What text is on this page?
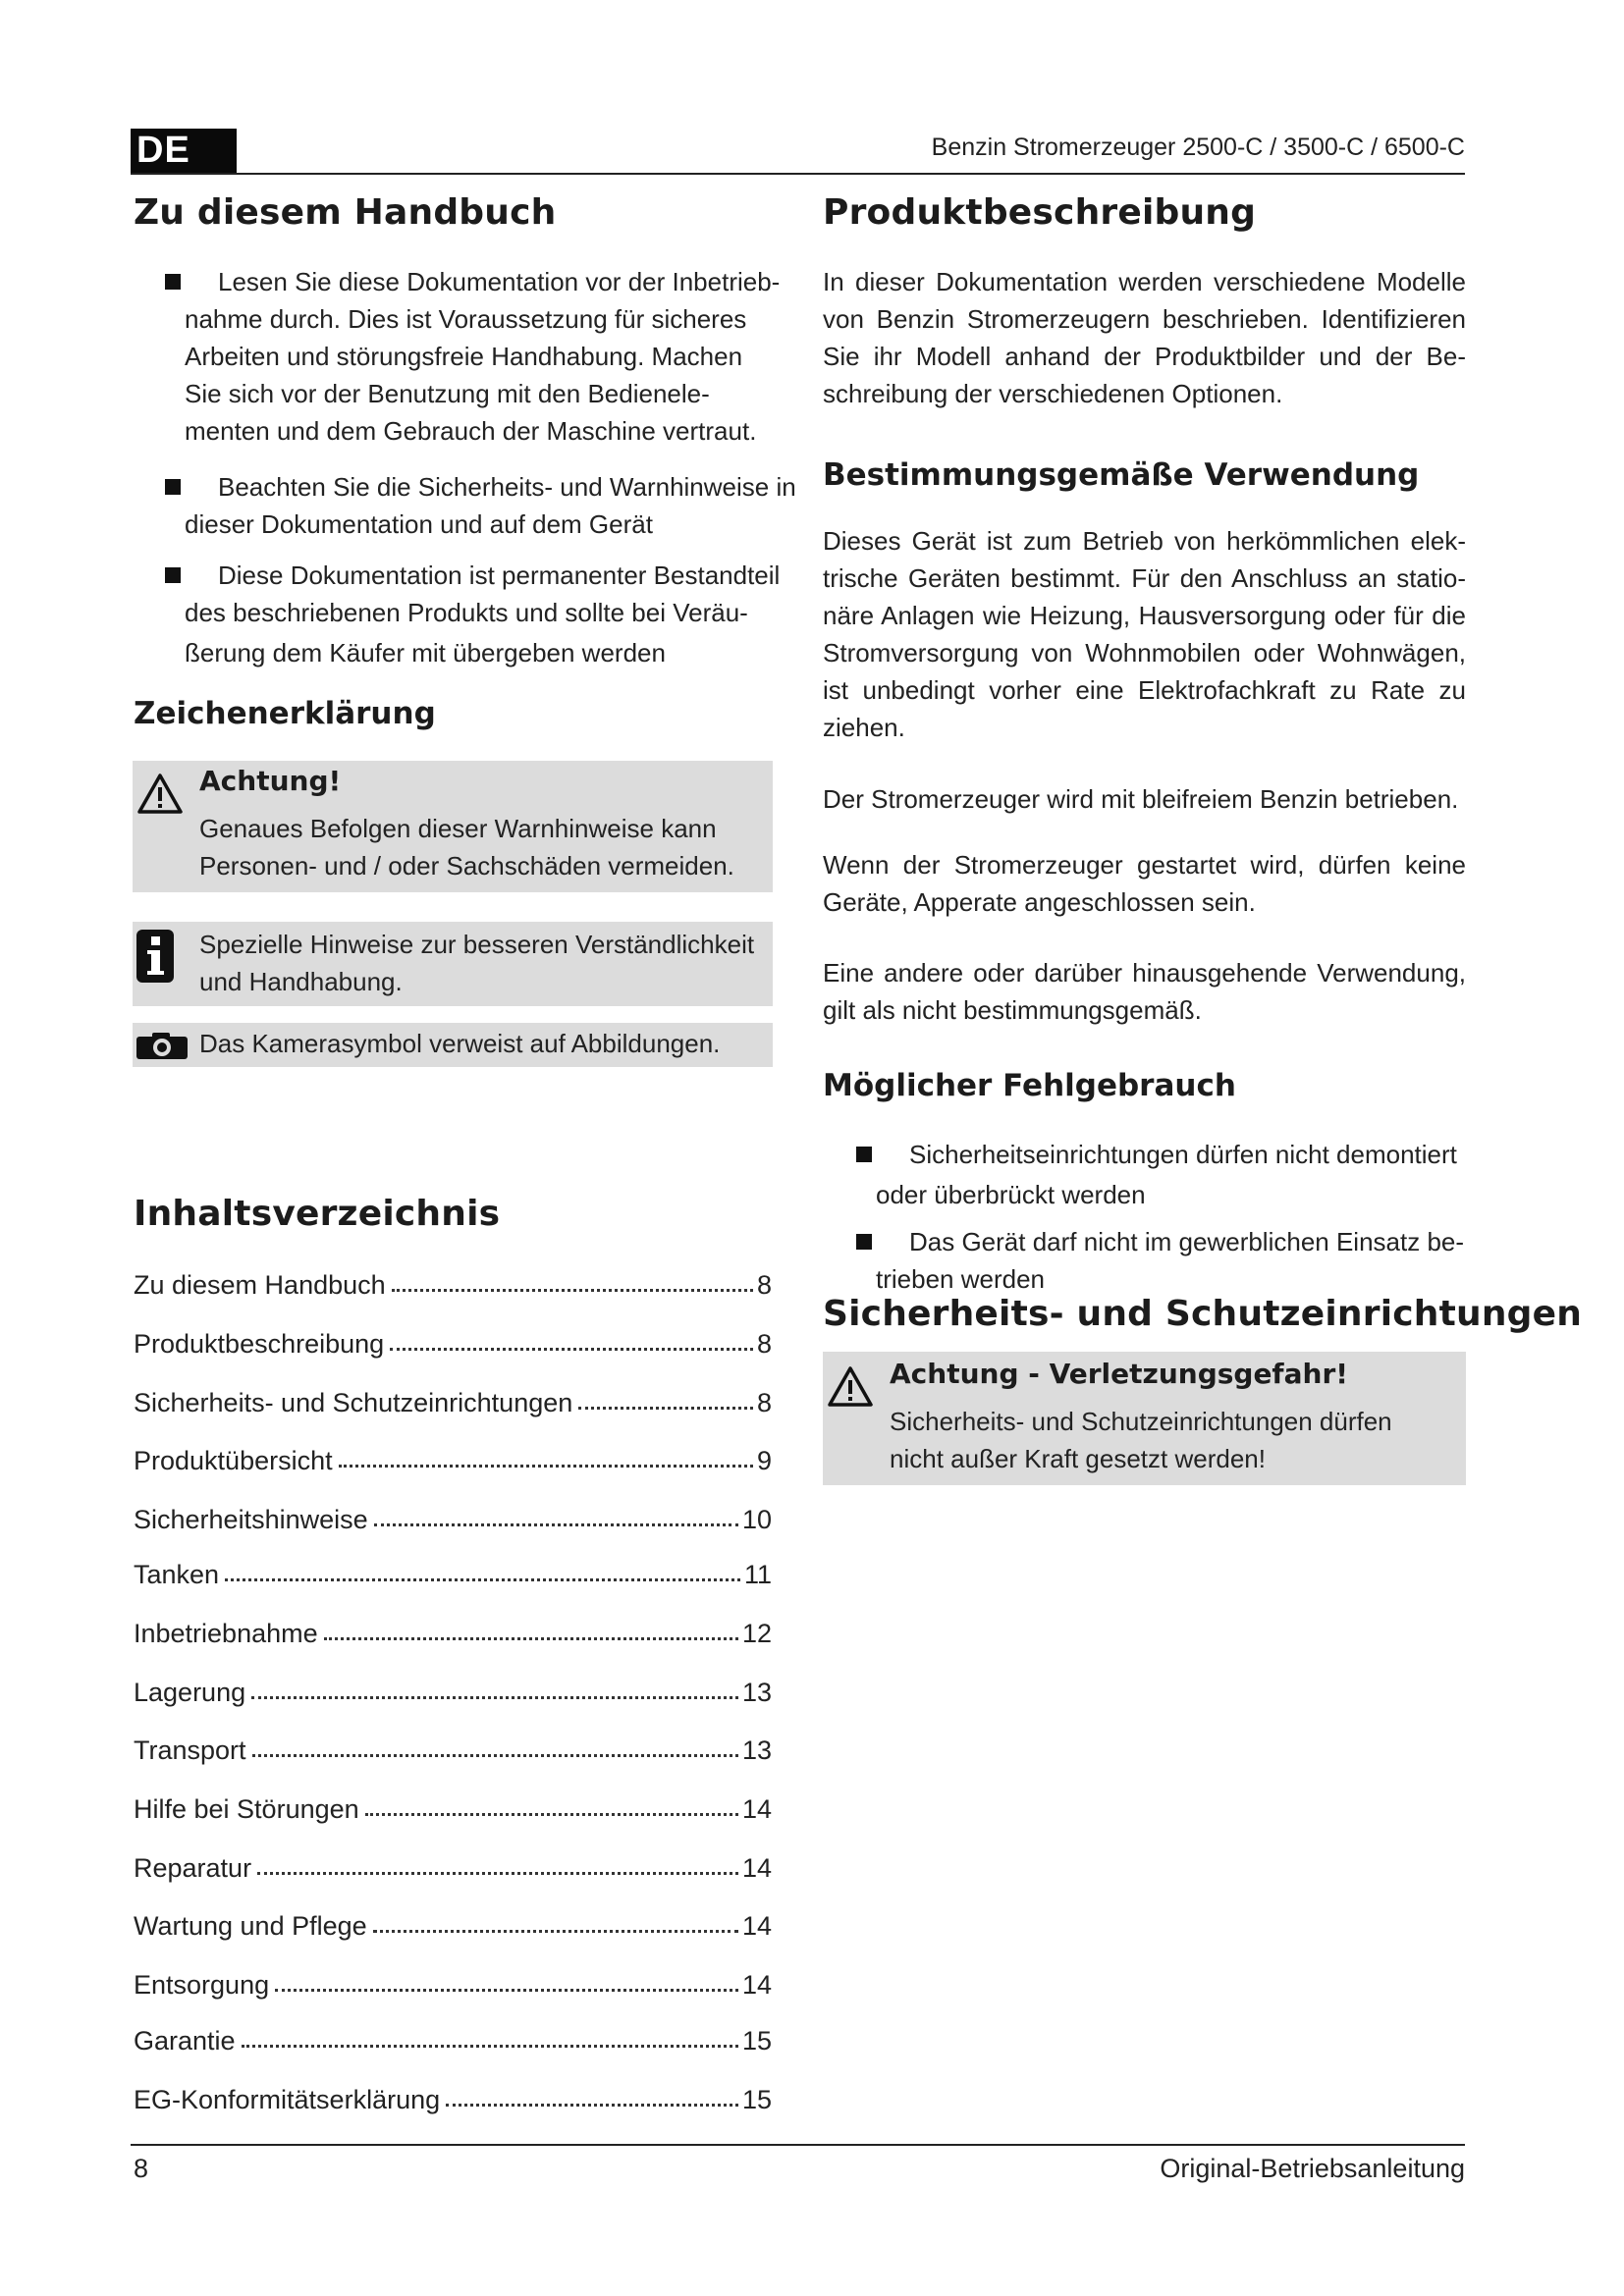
DE	Benzin Stromerzeuger 2500-C / 3500-C / 6500-C
Zu diesem Handbuch
Lesen Sie diese Dokumentation vor der Inbetrieb-
nahme durch. Dies ist Voraussetzung für sicheres
Arbeiten und störungsfreie Handhabung. Machen
Sie sich vor der Benutzung mit den Bedienele-
menten und dem Gebrauch der Maschine vertraut.
Beachten Sie die Sicherheits- und Warnhinweise in
dieser Dokumentation und auf dem Gerät
Diese Dokumentation ist permanenter Bestandteil
des beschriebenen Produkts und sollte bei Veräu-
ßerung dem Käufer mit übergeben werden
Zeichenerklärung
Achtung!
Genaues Befolgen dieser Warnhinweise kann
Personen- und / oder Sachschäden vermeiden.
Spezielle Hinweise zur besseren Verständlichkeit
und Handhabung.
Das Kamerasymbol verweist auf Abbildungen.
Inhaltsverzeichnis
Zu diesem Handbuch	8
Produktbeschreibung	8
Sicherheits- und Schutzeinrichtungen	8
Produktübersicht	9
Sicherheitshinweise	10
Tanken	11
Inbetriebnahme	12
Lagerung	13
Transport	13
Hilfe bei Störungen	14
Reparatur	14
Wartung und Pflege	14
Entsorgung	14
Garantie	15
EG-Konformitätserklärung	15
Produktbeschreibung
In dieser Dokumentation werden verschiedene Modelle
von Benzin Stromerzeugern beschrieben. Identifizieren
Sie ihr Modell anhand der Produktbilder und der Be-
schreibung der verschiedenen Optionen.
Bestimmungsgemäße Verwendung
Dieses Gerät ist zum Betrieb von herkömmlichen elek-
trische Geräten bestimmt. Für den Anschluss an statio-
näre Anlagen wie Heizung, Hausversorgung oder für die
Stromversorgung von Wohnmobilen oder Wohnwägen,
ist unbedingt vorher eine Elektrofachkraft zu Rate zu
ziehen.
Der Stromerzeuger wird mit bleifreiem Benzin betrieben.
Wenn der Stromerzeuger gestartet wird, dürfen keine
Geräte, Apperate angeschlossen sein.
Eine andere oder darüber hinausgehende Verwendung,
gilt als nicht bestimmungsgemäß.
Möglicher Fehlgebrauch
Sicherheitseinrichtungen dürfen nicht demontiert
oder überbrückt werden
Das Gerät darf nicht im gewerblichen Einsatz be-
trieben werden
Sicherheits- und Schutzeinrichtungen
Achtung - Verletzungsgefahr!
Sicherheits- und Schutzeinrichtungen dürfen
nicht außer Kraft gesetzt werden!
8	Original-Betriebsanleitung
